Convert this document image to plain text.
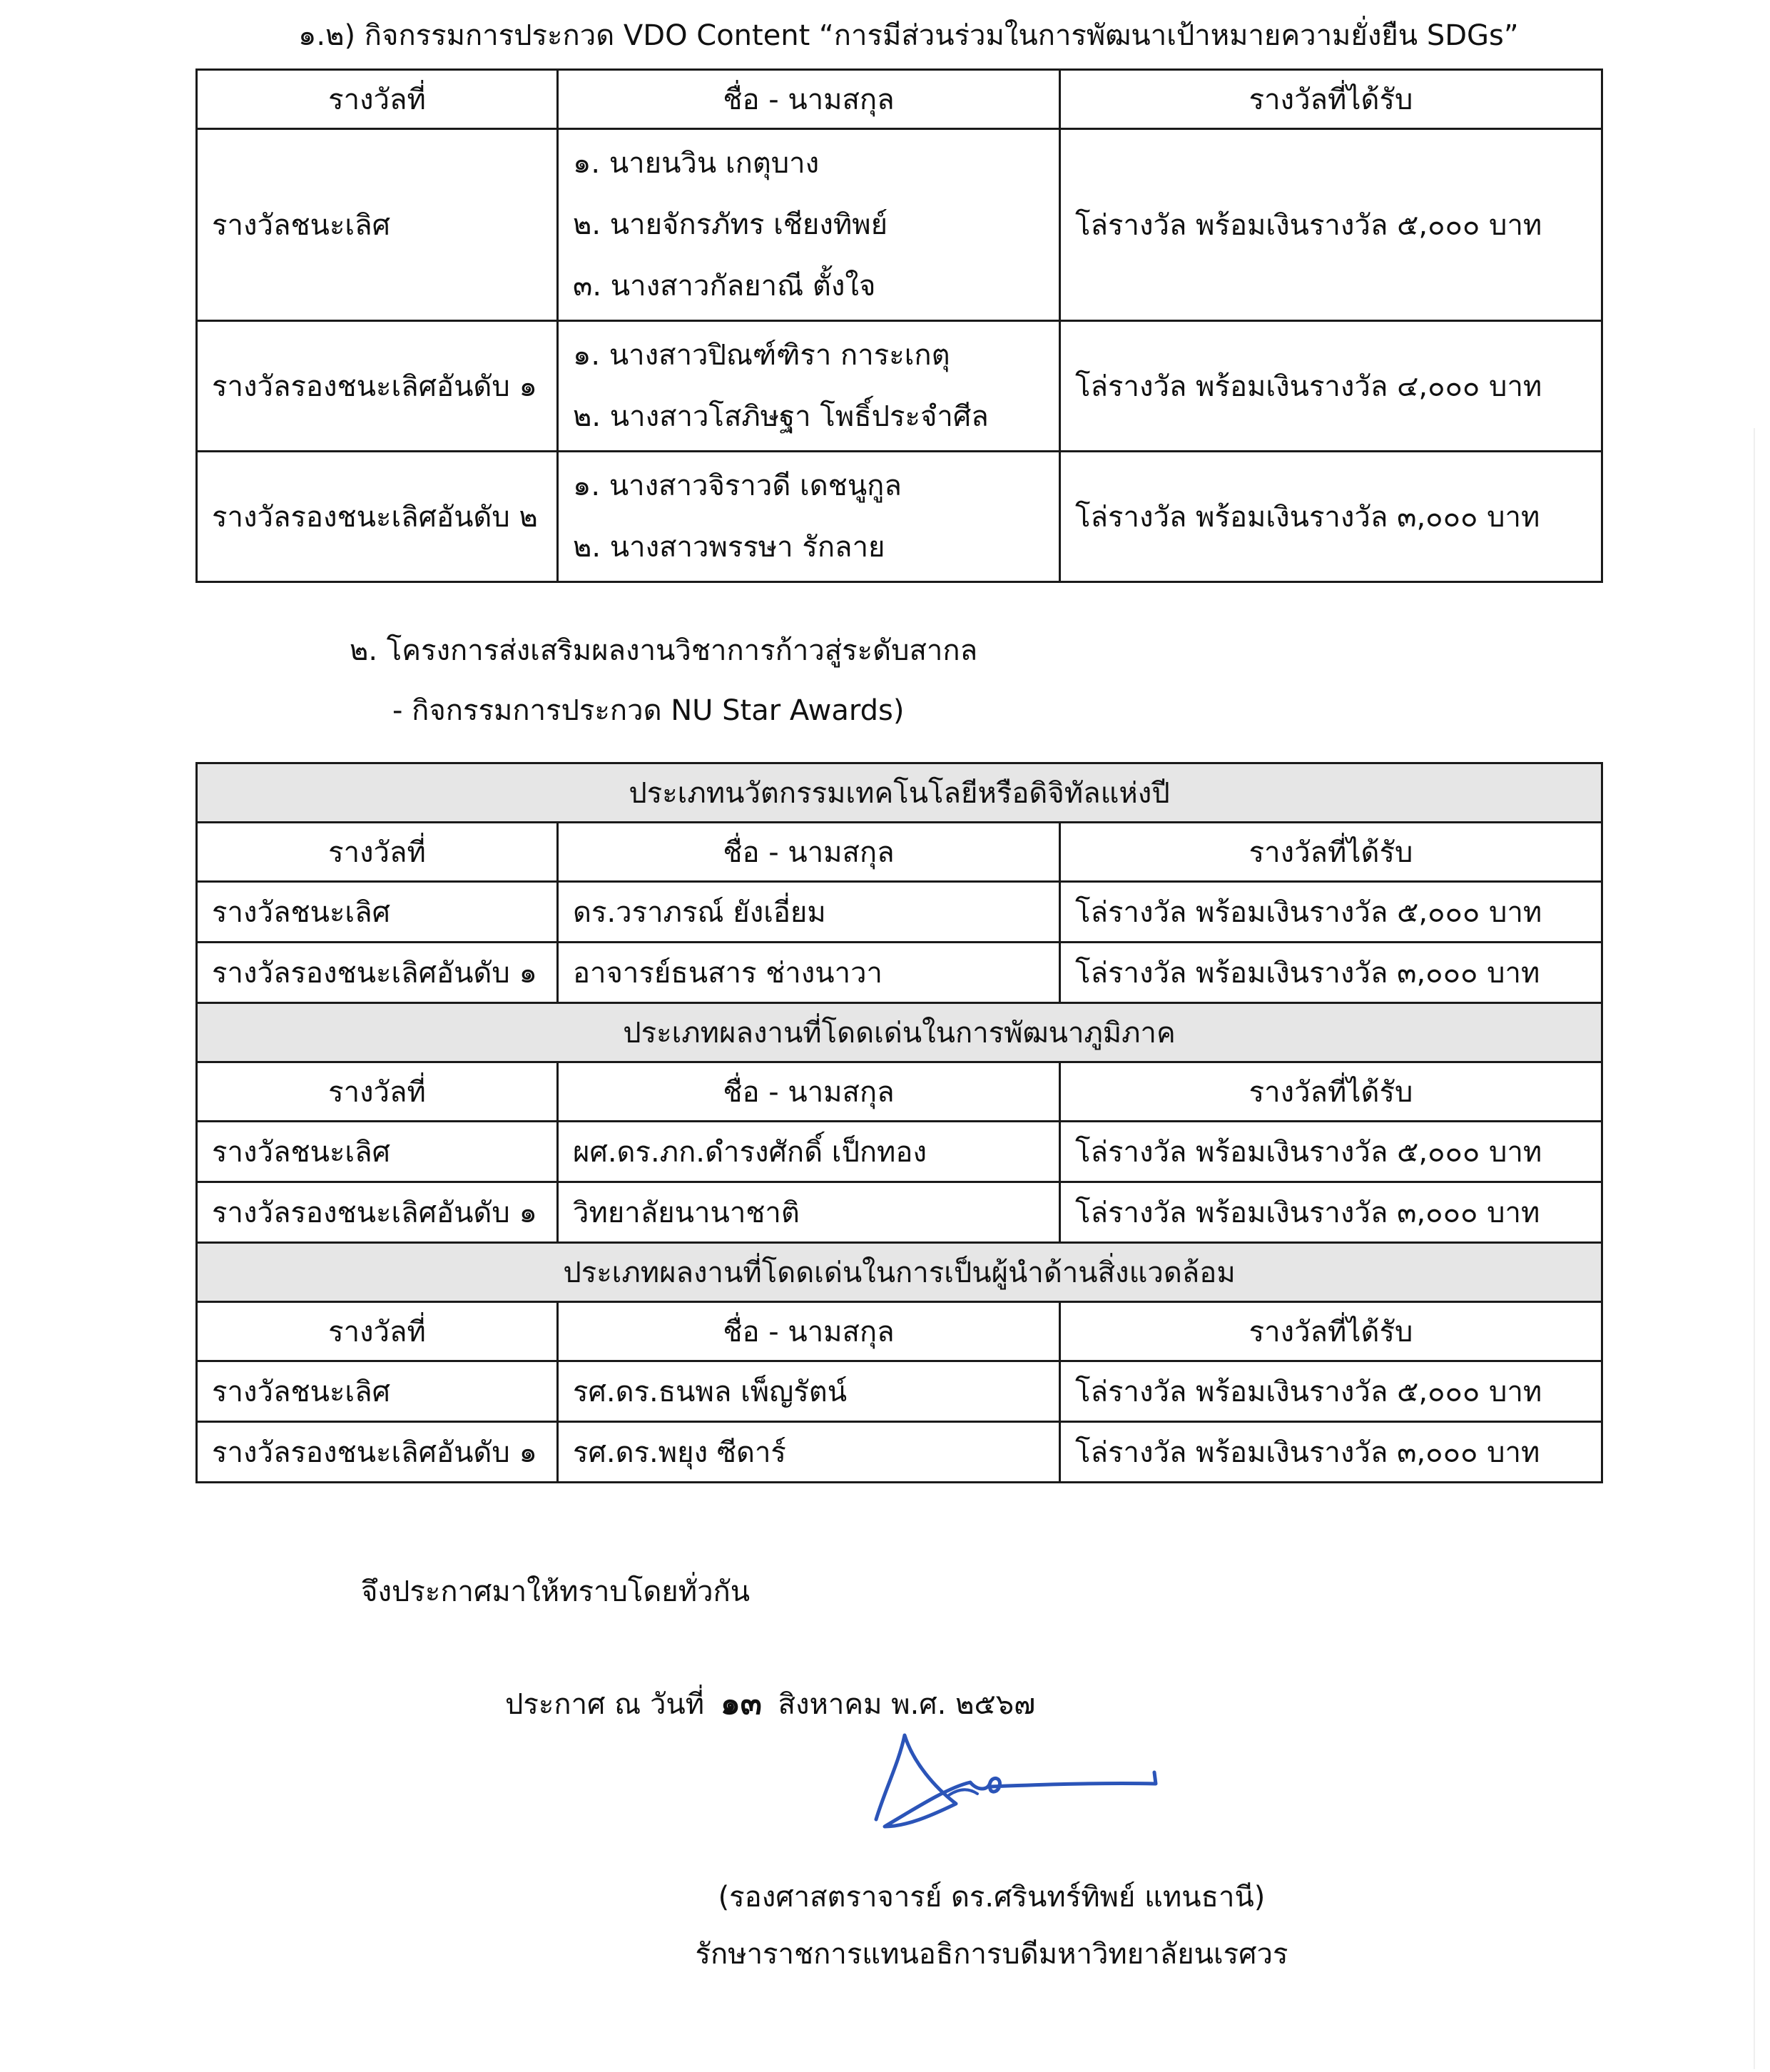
๑.๒) กิจกรรมการประกวด VDO Content “การมีส่วนร่วมในการพัฒนาเป้าหมายความยั่งยืน SDGs”
รางวัลที่	ชื่อ - นามสกุล	รางวัลที่ได้รับ
รางวัลชนะเลิศ	๑. นายนวิน เกตุบาง
๒. นายจักรภัทร เชียงทิพย์
๓. นางสาวกัลยาณี ตั้งใจ	โล่รางวัล พร้อมเงินรางวัล ๕,๐๐๐ บาท
รางวัลรองชนะเลิศอันดับ ๑	๑. นางสาวปิณฑ์ฑิรา การะเกตุ
๒. นางสาวโสภิษฐา โพธิ์ประจำศีล	โล่รางวัล พร้อมเงินรางวัล ๔,๐๐๐ บาท
รางวัลรองชนะเลิศอันดับ ๒	๑. นางสาวจิราวดี เดชนูกูล
๒. นางสาวพรรษา รักลาย	โล่รางวัล พร้อมเงินรางวัล ๓,๐๐๐ บาท
๒. โครงการส่งเสริมผลงานวิชาการก้าวสู่ระดับสากล
- กิจกรรมการประกวด NU Star Awards)
ประเภทนวัตกรรมเทคโนโลยีหรือดิจิทัลแห่งปี		
รางวัลที่	ชื่อ - นามสกุล	รางวัลที่ได้รับ
รางวัลชนะเลิศ	ดร.วราภรณ์ ยังเอี่ยม	โล่รางวัล พร้อมเงินรางวัล ๕,๐๐๐ บาท
รางวัลรองชนะเลิศอันดับ ๑	อาจารย์ธนสาร ช่างนาวา	โล่รางวัล พร้อมเงินรางวัล ๓,๐๐๐ บาท
ประเภทผลงานที่โดดเด่นในการพัฒนาภูมิภาค		
รางวัลที่	ชื่อ - นามสกุล	รางวัลที่ได้รับ
รางวัลชนะเลิศ	ผศ.ดร.ภก.ดำรงศักดิ์ เป็กทอง	โล่รางวัล พร้อมเงินรางวัล ๕,๐๐๐ บาท
รางวัลรองชนะเลิศอันดับ ๑	วิทยาลัยนานาชาติ	โล่รางวัล พร้อมเงินรางวัล ๓,๐๐๐ บาท
ประเภทผลงานที่โดดเด่นในการเป็นผู้นำด้านสิ่งแวดล้อม		
รางวัลที่	ชื่อ - นามสกุล	รางวัลที่ได้รับ
รางวัลชนะเลิศ	รศ.ดร.ธนพล เพ็ญรัตน์	โล่รางวัล พร้อมเงินรางวัล ๕,๐๐๐ บาท
รางวัลรองชนะเลิศอันดับ ๑	รศ.ดร.พยุง ซีดาร์	โล่รางวัล พร้อมเงินรางวัล ๓,๐๐๐ บาท

จึงประกาศมาให้ทราบโดยทั่วกัน

ประกาศ ณ วันที่ ๑๓ สิงหาคม พ.ศ. ๒๕๖๗

(รองศาสตราจารย์ ดร.ศรินทร์ทิพย์ แทนธานี)
รักษาราชการแทนอธิการบดีมหาวิทยาลัยนเรศวร
